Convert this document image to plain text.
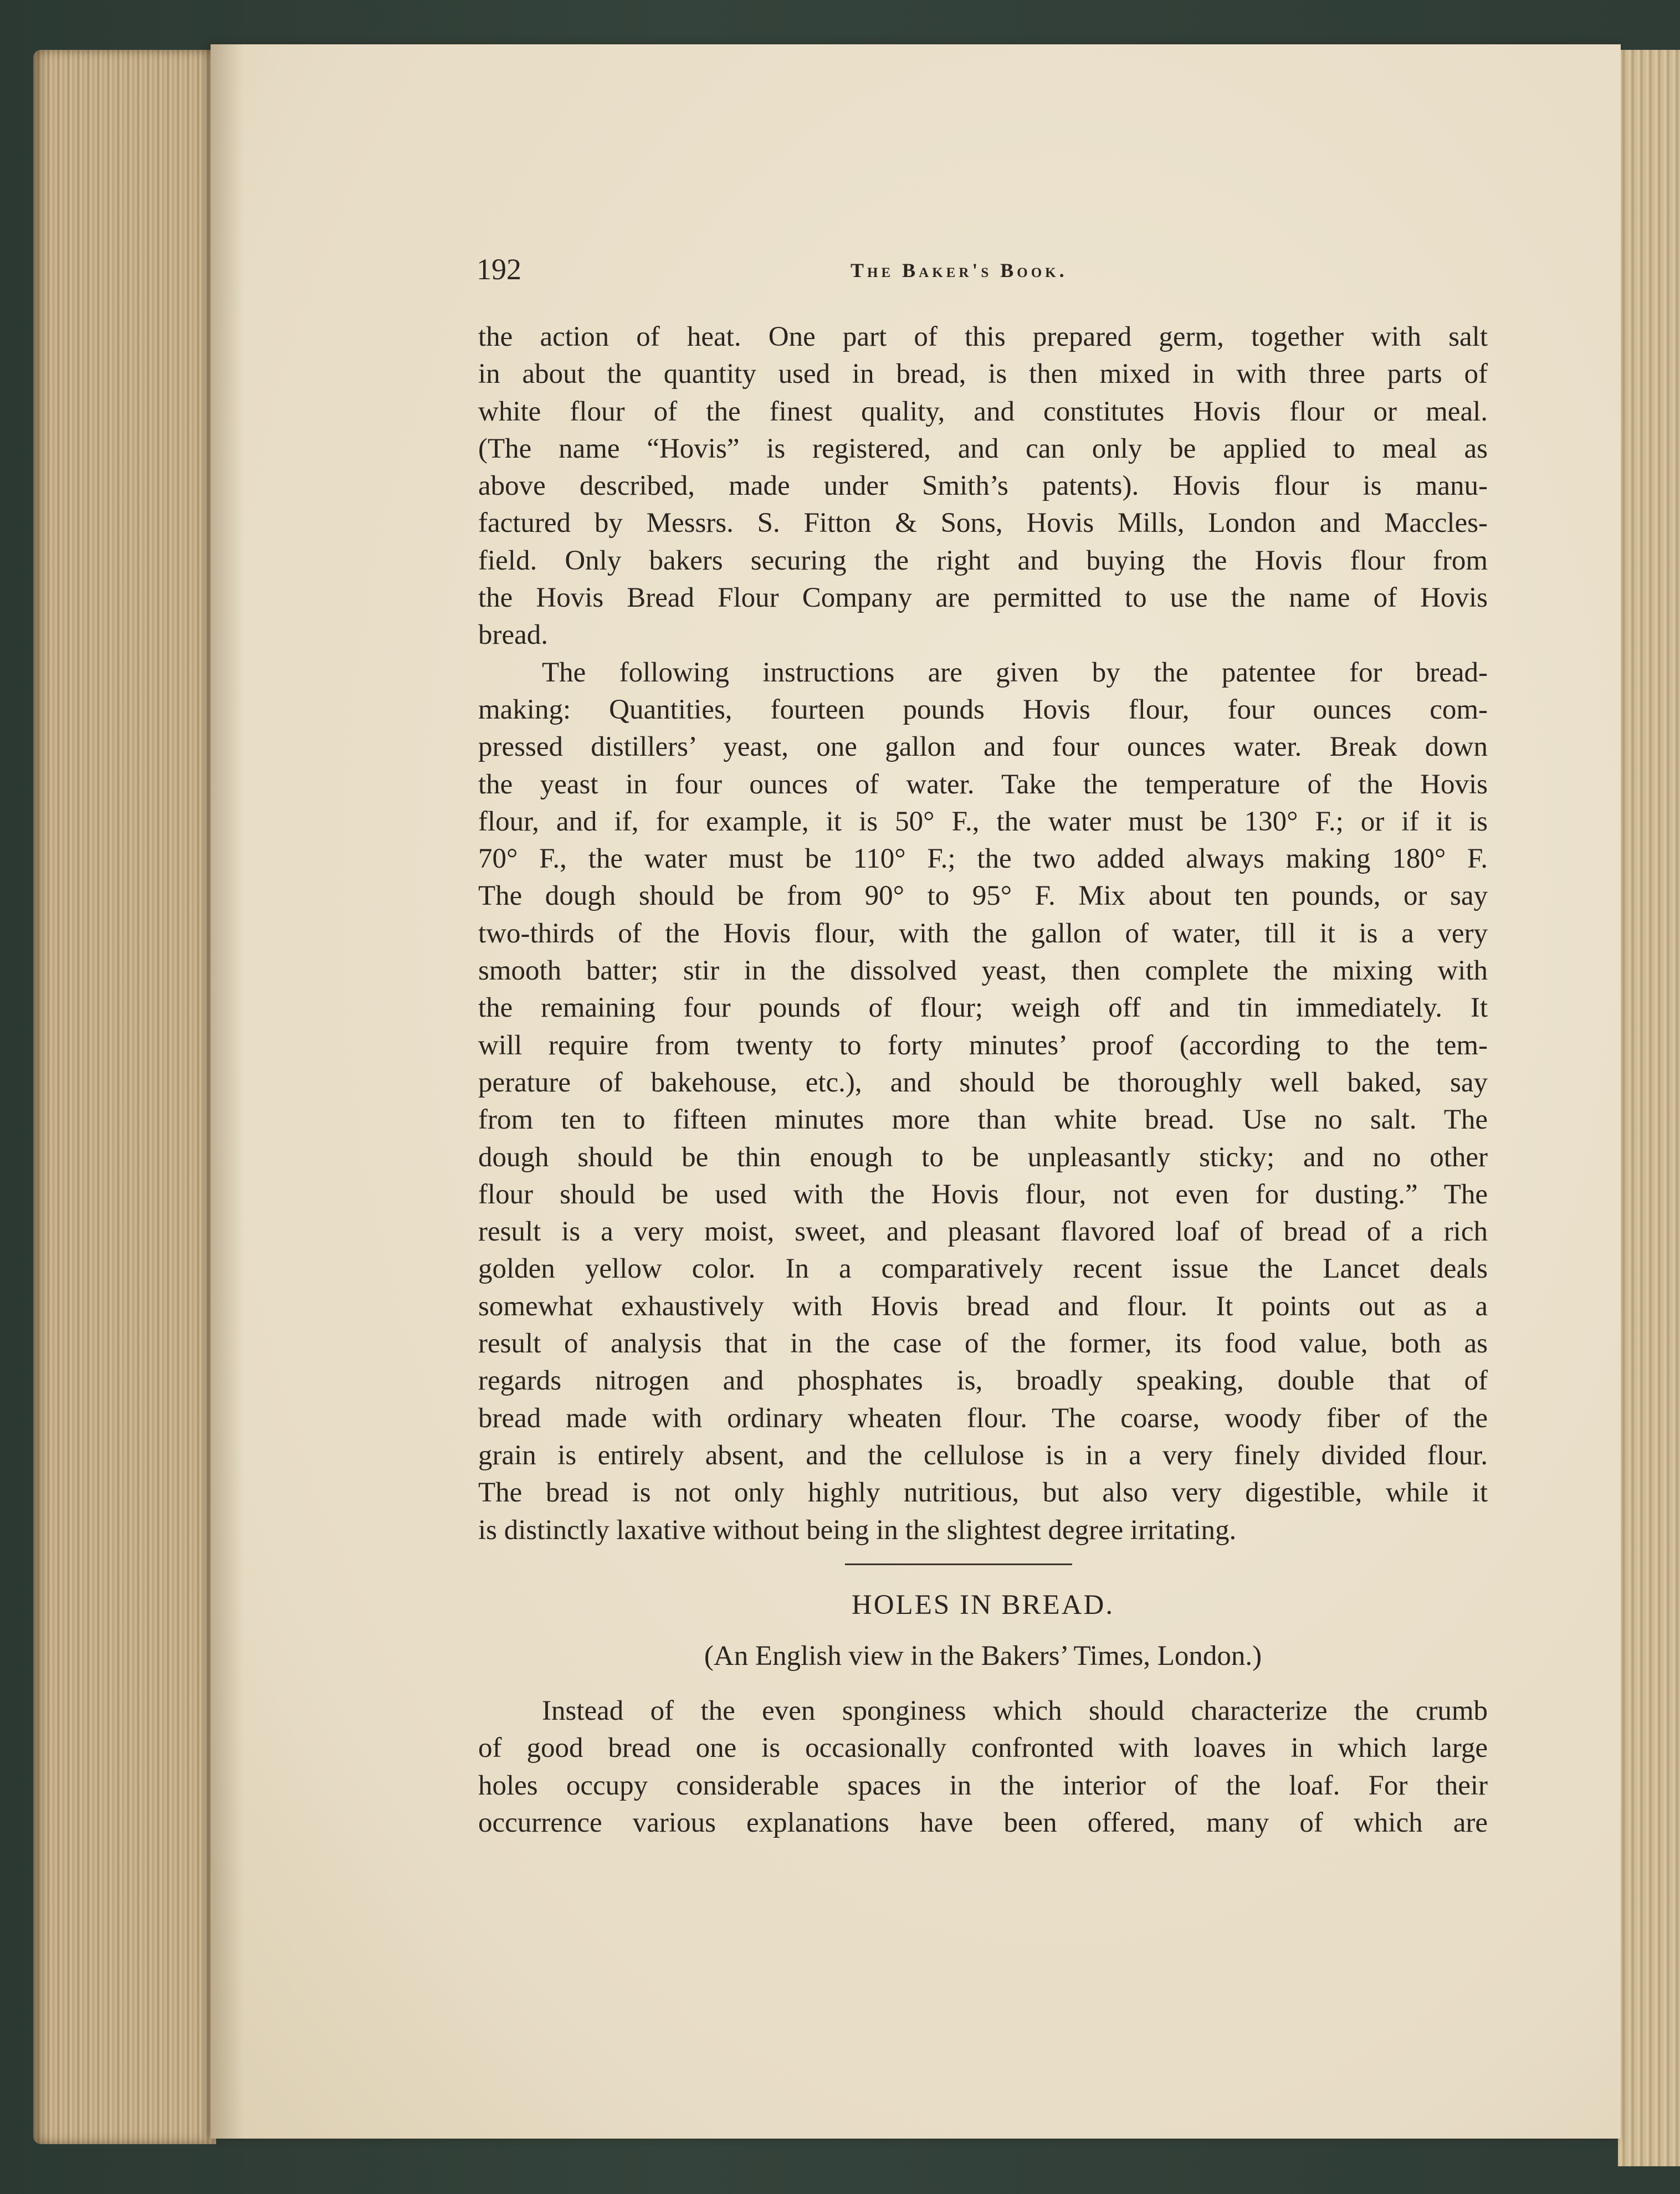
192	The Baker's Book.
the action of heat. One part of this prepared germ, together with salt
in about the quantity used in bread, is then mixed in with three parts of
white flour of the finest quality, and constitutes Hovis flour or meal.
(The name “Hovis” is registered, and can only be applied to meal as
above described, made under Smith’s patents). Hovis flour is manu-
factured by Messrs. S. Fitton & Sons, Hovis Mills, London and Maccles-
field. Only bakers securing the right and buying the Hovis flour from
the Hovis Bread Flour Company are permitted to use the name of Hovis
bread.
The following instructions are given by the patentee for bread-
making: Quantities, fourteen pounds Hovis flour, four ounces com-
pressed distillers’ yeast, one gallon and four ounces water. Break down
the yeast in four ounces of water. Take the temperature of the Hovis
flour, and if, for example, it is 50° F., the water must be 130° F.; or if it is
70° F., the water must be 110° F.; the two added always making 180° F.
The dough should be from 90° to 95° F. Mix about ten pounds, or say
two-thirds of the Hovis flour, with the gallon of water, till it is a very
smooth batter; stir in the dissolved yeast, then complete the mixing with
the remaining four pounds of flour; weigh off and tin immediately. It
will require from twenty to forty minutes’ proof (according to the tem-
perature of bakehouse, etc.), and should be thoroughly well baked, say
from ten to fifteen minutes more than white bread. Use no salt. The
dough should be thin enough to be unpleasantly sticky; and no other
flour should be used with the Hovis flour, not even for dusting.” The
result is a very moist, sweet, and pleasant flavored loaf of bread of a rich
golden yellow color. In a comparatively recent issue the Lancet deals
somewhat exhaustively with Hovis bread and flour. It points out as a
result of analysis that in the case of the former, its food value, both as
regards nitrogen and phosphates is, broadly speaking, double that of
bread made with ordinary wheaten flour. The coarse, woody fiber of the
grain is entirely absent, and the cellulose is in a very finely divided flour.
The bread is not only highly nutritious, but also very digestible, while it
is distinctly laxative without being in the slightest degree irritating.
HOLES IN BREAD.
(An English view in the Bakers’ Times, London.)
Instead of the even sponginess which should characterize the crumb
of good bread one is occasionally confronted with loaves in which large
holes occupy considerable spaces in the interior of the loaf. For their
occurrence various explanations have been offered, many of which are
